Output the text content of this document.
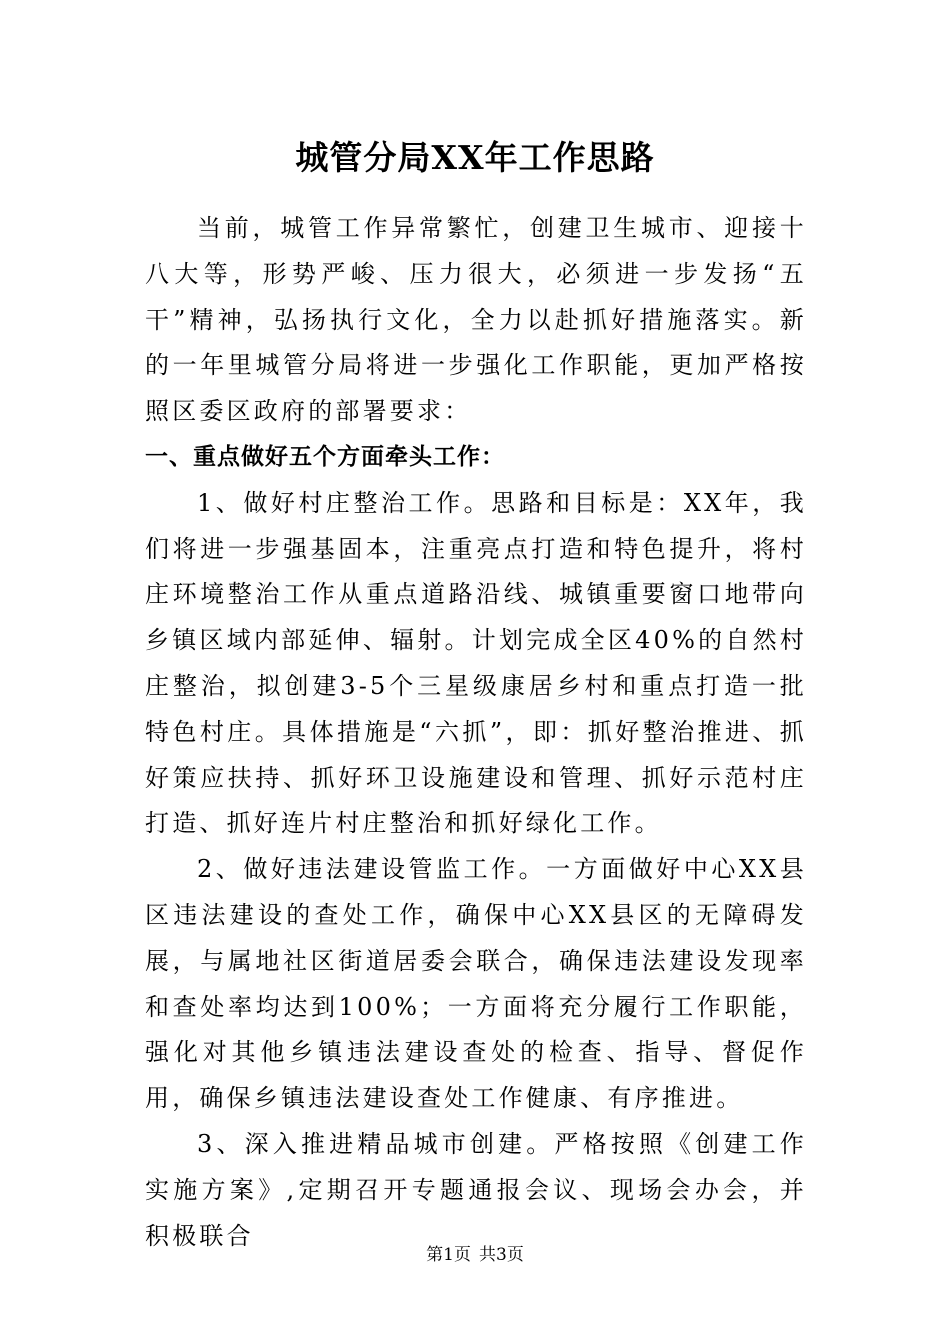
城管分局XX年工作思路

当前，城管工作异常繁忙，创建卫生城市、迎接十八大等，形势严峻、压力很大，必须进一步发扬“五干”精神，弘扬执行文化，全力以赴抓好措施落实。新的一年里城管分局将进一步强化工作职能，更加严格按照区委区政府的部署要求：

一、重点做好五个方面牵头工作：

1、做好村庄整治工作。思路和目标是：XX年，我们将进一步强基固本，注重亮点打造和特色提升，将村庄环境整治工作从重点道路沿线、城镇重要窗口地带向乡镇区域内部延伸、辐射。计划完成全区40%的自然村庄整治，拟创建3-5个三星级康居乡村和重点打造一批特色村庄。具体措施是“六抓”，即：抓好整治推进、抓好策应扶持、抓好环卫设施建设和管理、抓好示范村庄打造、抓好连片村庄整治和抓好绿化工作。

2、做好违法建设管监工作。一方面做好中心XX县区违法建设的查处工作，确保中心XX县区的无障碍发展，与属地社区街道居委会联合，确保违法建设发现率和查处率均达到100%；一方面将充分履行工作职能，强化对其他乡镇违法建设查处的检查、指导、督促作用，确保乡镇违法建设查处工作健康、有序推进。

3、深入推进精品城市创建。严格按照《创建工作实施方案》,定期召开专题通报会议、现场会办会，并积极联合

第1页 共3页
